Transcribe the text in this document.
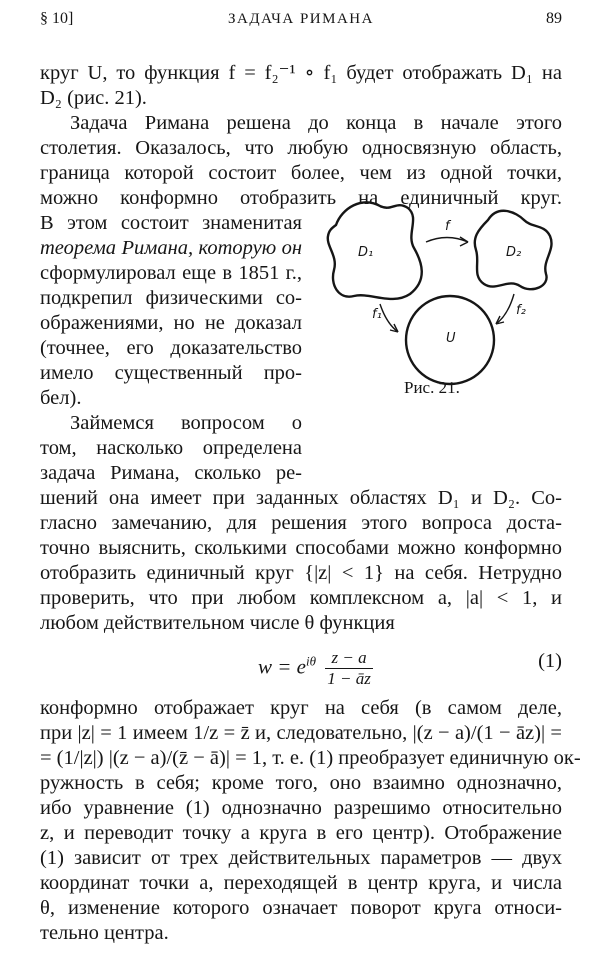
§ 10]	ЗАДАЧА РИМАНА	89
круг U, то функция f = f₂⁻¹ ∘ f₁ будет отображать D₁ на
D₂ (рис. 21).
Задача Римана решена до конца в начале этого
столетия. Оказалось, что любую односвязную область,
граница которой состоит более, чем из одной точки,
можно конформно отобразить на единичный круг.
В этом состоит знаменитая
теорема Римана, которую он
сформулировал еще в 1851 г.,
подкрепил физическими со-
ображениями, но не доказал
(точнее, его доказательство
имело существенный про-
бел).
Займемся вопросом о
том, насколько определена
задача Римана, сколько ре-
шений она имеет при заданных областях D₁ и D₂. Со-
гласно замечанию, для решения этого вопроса доста-
точно выяснить, сколькими способами можно конформно
отобразить единичный круг {|z| < 1} на себя. Нетрудно
проверить, что при любом комплексном a, |a| < 1, и
любом действительном числе θ функция
$w = e^{i\theta} \frac{z - a}{1 - āz}$	(1)
конформно отображает круг на себя (в самом деле,
при |z| = 1 имеем 1/z = z̄ и, следовательно, |(z − a)/(1 − āz)| =
= (1/|z|) |(z − a)/(z̄ − ā)| = 1, т. е. (1) преобразует единичную ок-
ружность в себя; кроме того, оно взаимно однозначно,
ибо уравнение (1) однозначно разрешимо относительно
z, и переводит точку a круга в его центр). Отображение
(1) зависит от трех действительных параметров — двух
координат точки a, переходящей в центр круга, и числа
θ, изменение которого означает поворот круга относи-
тельно центра.
D₁	D₂
U
f
f₁	f₂
Рис. 21.
